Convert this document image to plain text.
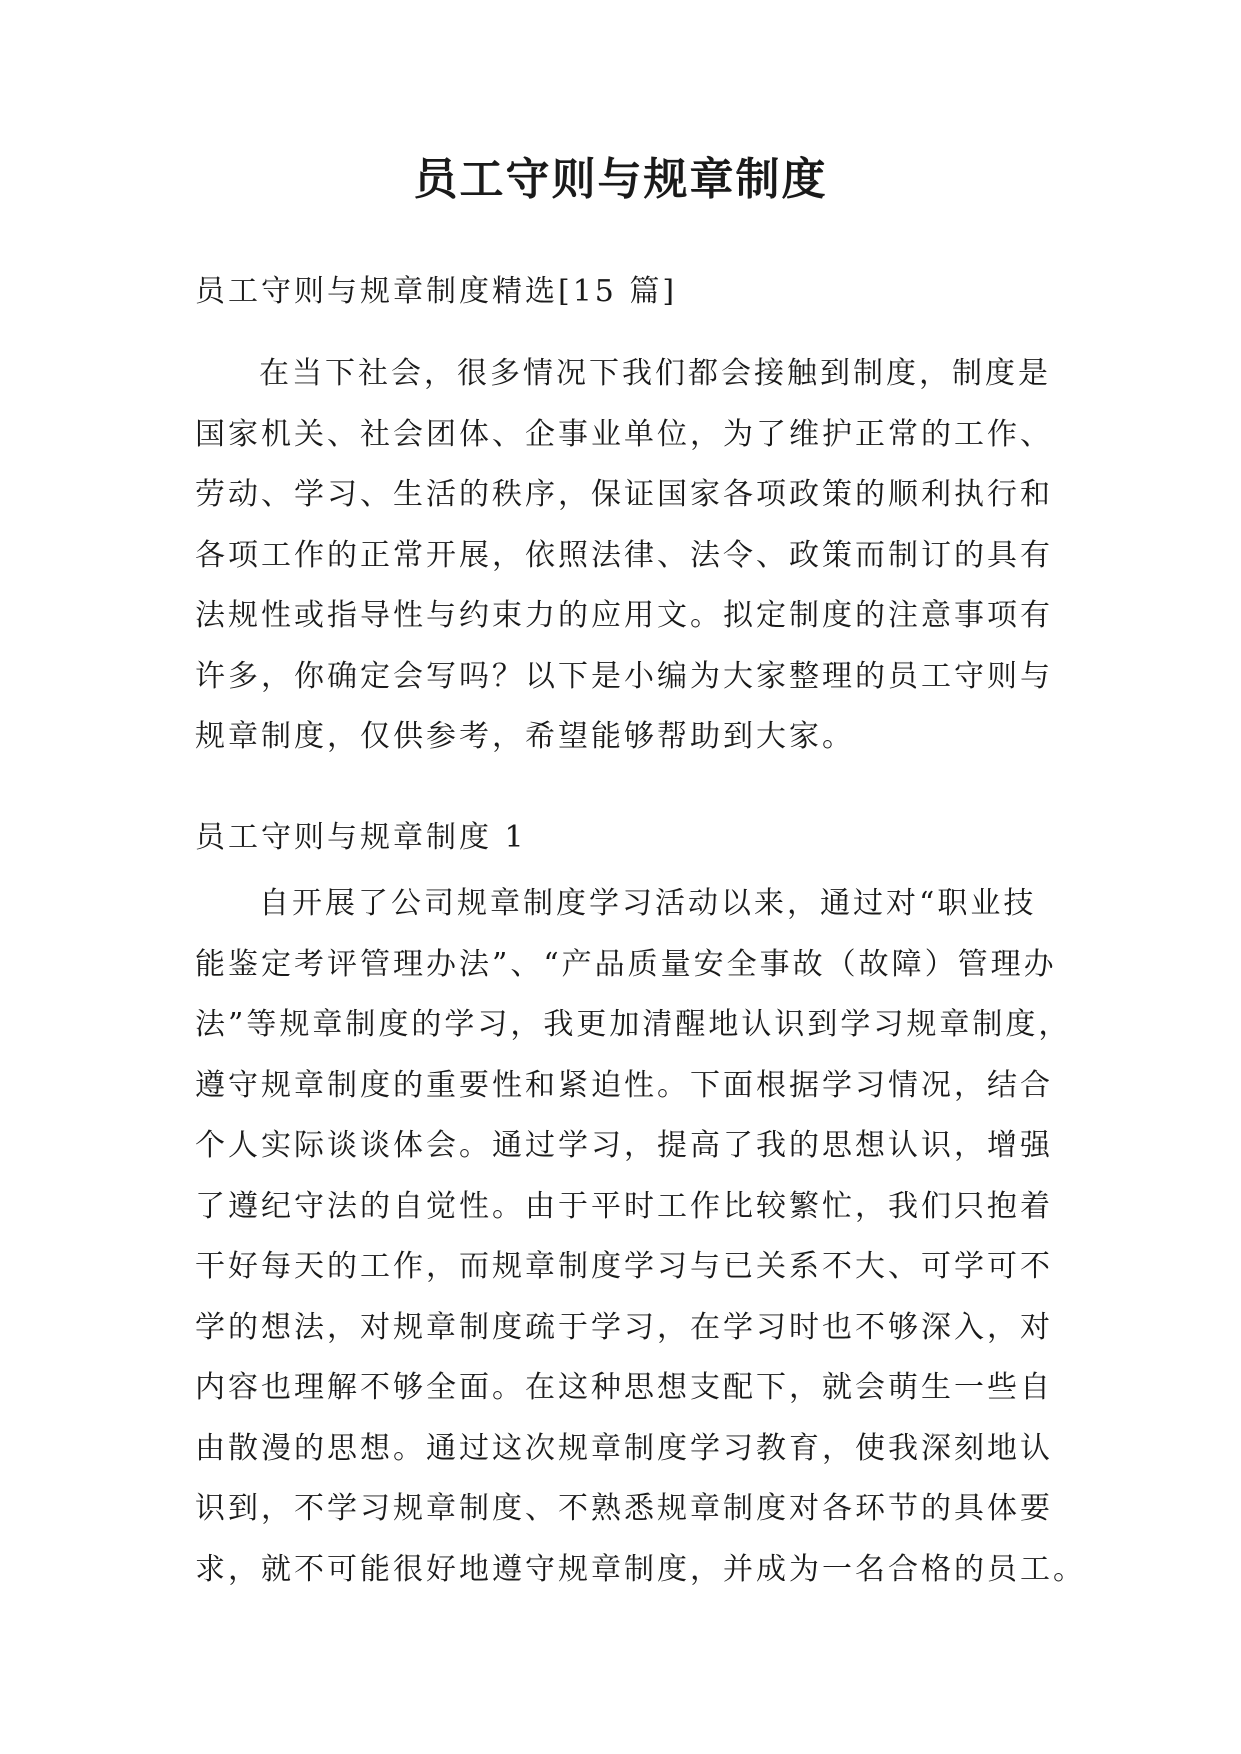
员工守则与规章制度

员工守则与规章制度精选[15 篇]

在当下社会，很多情况下我们都会接触到制度，制度是
国家机关、社会团体、企事业单位，为了维护正常的工作、
劳动、学习、生活的秩序，保证国家各项政策的顺利执行和
各项工作的正常开展，依照法律、法令、政策而制订的具有
法规性或指导性与约束力的应用文。拟定制度的注意事项有
许多，你确定会写吗？以下是小编为大家整理的员工守则与
规章制度，仅供参考，希望能够帮助到大家。

员工守则与规章制度 1

自开展了公司规章制度学习活动以来，通过对“职业技
能鉴定考评管理办法”、“产品质量安全事故（故障）管理办
法”等规章制度的学习，我更加清醒地认识到学习规章制度，
遵守规章制度的重要性和紧迫性。下面根据学习情况，结合
个人实际谈谈体会。通过学习，提高了我的思想认识，增强
了遵纪守法的自觉性。由于平时工作比较繁忙，我们只抱着
干好每天的工作，而规章制度学习与已关系不大、可学可不
学的想法，对规章制度疏于学习，在学习时也不够深入，对
内容也理解不够全面。在这种思想支配下，就会萌生一些自
由散漫的思想。通过这次规章制度学习教育，使我深刻地认
识到，不学习规章制度、不熟悉规章制度对各环节的具体要
求，就不可能很好地遵守规章制度，并成为一名合格的员工。
